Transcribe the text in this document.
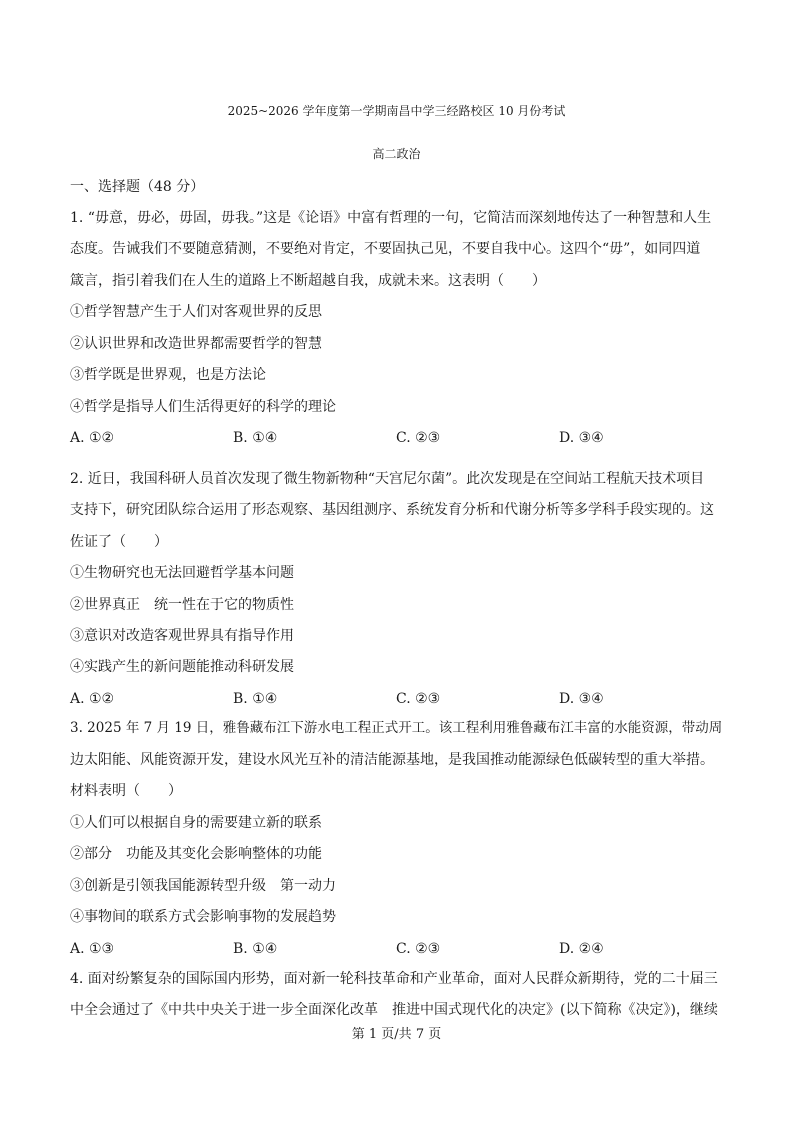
2025~2026 学年度第一学期南昌中学三经路校区 10 月份考试
高二政治
一、选择题（48 分）
1. “毋意，毋必，毋固，毋我。”这是《论语》中富有哲理的一句，它简洁而深刻地传达了一种智慧和人生
态度。告诫我们不要随意猜测，不要绝对肯定，不要固执己见，不要自我中心。这四个“毋”，如同四道
箴言，指引着我们在人生的道路上不断超越自我，成就未来。这表明（　　）
①哲学智慧产生于人们对客观世界的反思
②认识世界和改造世界都需要哲学的智慧
③哲学既是世界观，也是方法论
④哲学是指导人们生活得更好的科学的理论
A. ①②	B. ①④	C. ②③	D. ③④
2. 近日，我国科研人员首次发现了微生物新物种“天宫尼尔菌”。此次发现是在空间站工程航天技术项目
支持下，研究团队综合运用了形态观察、基因组测序、系统发育分析和代谢分析等多学科手段实现的。这
佐证了（　　）
①生物研究也无法回避哲学基本问题
②世界真正　统一性在于它的物质性
③意识对改造客观世界具有指导作用
④实践产生的新问题能推动科研发展
A. ①②	B. ①④	C. ②③	D. ③④
3. 2025 年 7 月 19 日，雅鲁藏布江下游水电工程正式开工。该工程利用雅鲁藏布江丰富的水能资源，带动周
边太阳能、风能资源开发，建设水风光互补的清洁能源基地，是我国推动能源绿色低碳转型的重大举措。
材料表明（　　）
①人们可以根据自身的需要建立新的联系
②部分　功能及其变化会影响整体的功能
③创新是引领我国能源转型升级　第一动力
④事物间的联系方式会影响事物的发展趋势
A. ①③	B. ①④	C. ②③	D. ②④
4. 面对纷繁复杂的国际国内形势，面对新一轮科技革命和产业革命，面对人民群众新期待，党的二十届三
中全会通过了《中共中央关于进一步全面深化改革　推进中国式现代化的决定》(以下简称《决定》)，继续
第 1 页/共 7 页
